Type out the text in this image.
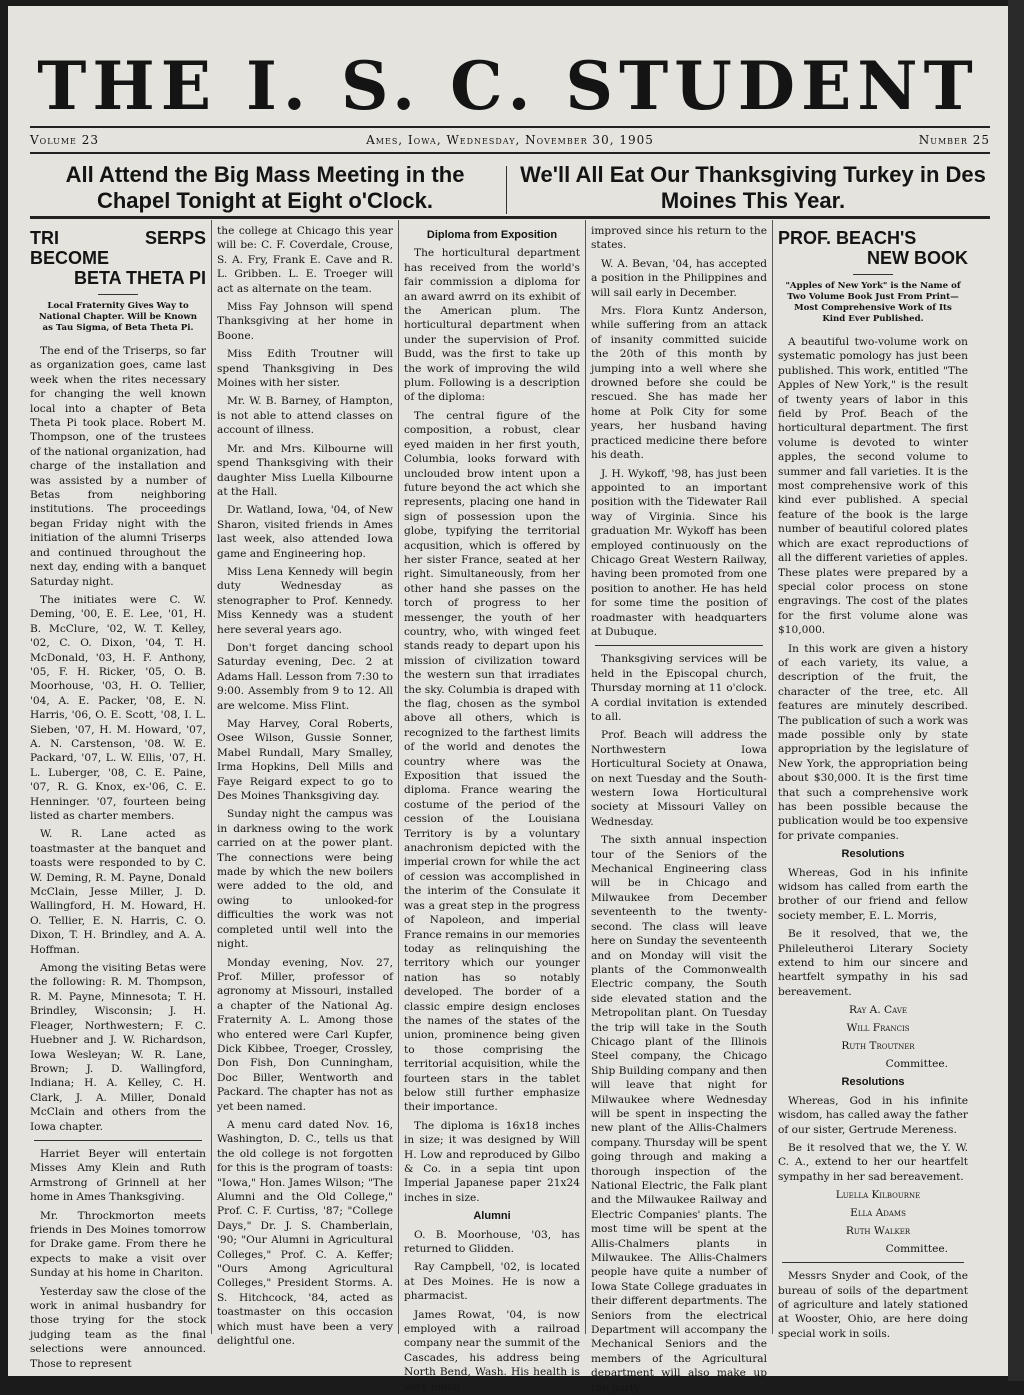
THE I. S. C. STUDENT
Volume 23	Ames, Iowa, Wednesday, November 30, 1905	Number 25
All Attend the Big Mass Meeting in the Chapel Tonight at Eight o'Clock.
We'll All Eat Our Thanksgiving Turkey in Des Moines This Year.
TRI SERPS BECOME
BETA THETA PI
Local Fraternity Gives Way to National Chapter. Will be Known as Tau Sigma, of Beta Theta Pi.

The end of the Triserps, so far as organization goes, came last week when the rites necessary for changing the well known local into a chapter of Beta Theta Pi took place. Robert M. Thompson, one of the trustees of the national organization, had charge of the installation and was assisted by a number of Betas from neighboring institutions. The proceedings began Friday night with the initiation of the alumni Triserps and continued throughout the next day, ending with a banquet Saturday night.

The initiates were C. W. Deming, '00, E. E. Lee, '01, H. B. McClure, '02, W. T. Kelley, '02, C. O. Dixon, '04, T. H. McDonald, '03, H. F. Anthony, '05, F. H. Ricker, '05, O. B. Moorhouse, '03, H. O. Tellier, '04, A. E. Packer, '08, E. N. Harris, '06, O. E. Scott, '08, I. L. Sieben, '07, H. M. Howard, '07, A. N. Carstenson, '08. W. E. Packard, '07, L. W. Ellis, '07, H. L. Luberger, '08, C. E. Paine, '07, R. G. Knox, ex-'06, C. E. Henninger. '07, fourteen being listed as charter members.

W. R. Lane acted as toastmaster at the banquet and toasts were responded to by C. W. Deming, R. M. Payne, Donald McClain, Jesse Miller, J. D. Wallingford, H. M. Howard, H. O. Tellier, E. N. Harris, C. O. Dixon, T. H. Brindley, and A. A. Hoffman.

Among the visiting Betas were the following: R. M. Thompson, R. M. Payne, Minnesota; T. H. Brindley, Wisconsin; J. H. Fleager, Northwestern; F. C. Huebner and J. W. Richardson, Iowa Wesleyan; W. R. Lane, Brown; J. D. Wallingford, Indiana; H. A. Kelley, C. H. Clark, J. A. Miller, Donald McClain and others from the Iowa chapter.

Harriet Beyer will entertain Misses Amy Klein and Ruth Armstrong of Grinnell at her home in Ames Thanksgiving.

Mr. Throckmorton meets friends in Des Moines tomorrow for Drake game. From there he expects to make a visit over Sunday at his home in Chariton.

Yesterday saw the close of the work in animal husbandry for those trying for the stock judging team as the final selections were announced. Those to represent

the college at Chicago this year will be: C. F. Coverdale, Crouse, S. A. Fry, Frank E. Cave and R. L. Gribben. L. E. Troeger will act as alternate on the team.

Miss Fay Johnson will spend Thanksgiving at her home in Boone.

Miss Edith Troutner will spend Thanksgiving in Des Moines with her sister.

Mr. W. B. Barney, of Hampton, is not able to attend classes on account of illness.

Mr. and Mrs. Kilbourne will spend Thanksgiving with their daughter Miss Luella Kilbourne at the Hall.

Dr. Watland, Iowa, '04, of New Sharon, visited friends in Ames last week, also attended Iowa game and Engineering hop.

Miss Lena Kennedy will begin duty Wednesday as stenographer to Prof. Kennedy. Miss Kennedy was a student here several years ago.

Don't forget dancing school Saturday evening, Dec. 2 at Adams Hall. Lesson from 7:30 to 9:00. Assembly from 9 to 12. All are welcome. Miss Flint.

May Harvey, Coral Roberts, Osee Wilson, Gussie Sonner, Mabel Rundall, Mary Smalley, Irma Hopkins, Dell Mills and Faye Reigard expect to go to Des Moines Thanksgiving day.

Sunday night the campus was in darkness owing to the work carried on at the power plant. The connections were being made by which the new boilers were added to the old, and owing to unlooked-for difficulties the work was not completed until well into the night.

Monday evening, Nov. 27, Prof. Miller, professor of agronomy at Missouri, installed a chapter of the National Ag. Fraternity A. L. Among those who entered were Carl Kupfer, Dick Kibbee, Troeger, Crossley, Don Fish, Don Cunningham, Doc Biller, Wentworth and Packard. The chapter has not as yet been named.

A menu card dated Nov. 16, Washington, D. C., tells us that the old college is not forgotten for this is the program of toasts: "Iowa," Hon. James Wilson; "The Alumni and the Old College," Prof. C. F. Curtiss, '87; "College Days," Dr. J. S. Chamberlain, '90; "Our Alumni in Agricultural Colleges," Prof. C. A. Keffer; "Ours Among Agricultural Colleges," President Storms. A. S. Hitchcock, '84, acted as toastmaster on this occasion which must have been a very delightful one.

Diploma from Exposition

The horticultural department has received from the world's fair commission a diploma for an award awrrd on its exhibit of the American plum. The horticultural department when under the supervision of Prof. Budd, was the first to take up the work of improving the wild plum. Following is a description of the diploma:

The central figure of the composition, a robust, clear eyed maiden in her first youth, Columbia, looks forward with unclouded brow intent upon a future beyond the act which she represents, placing one hand in sign of possession upon the globe, typifying the territorial acqusition, which is offered by her sister France, seated at her right. Simultaneously, from her other hand she passes on the torch of progress to her messenger, the youth of her country, who, with winged feet stands ready to depart upon his mission of civilization toward the western sun that irradiates the sky. Columbia is draped with the flag, chosen as the symbol above all others, which is recognized to the farthest limits of the world and denotes the country where was the Exposition that issued the diploma. France wearing the costume of the period of the cession of the Louisiana Territory is by a voluntary anachronism depicted with the imperial crown for while the act of cession was accomplished in the interim of the Consulate it was a great step in the progress of Napoleon, and imperial France remains in our memories today as relinquishing the territory which our younger nation has so notably developed. The border of a classic empire design encloses the names of the states of the union, prominence being given to those comprising the territorial acquisition, while the fourteen stars in the tablet below still further emphasize their importance.

The diploma is 16x18 inches in size; it was designed by Will H. Low and reproduced by Gilbo & Co. in a sepia tint upon Imperial Japanese paper 21x24 inches in size.

Alumni

O. B. Moorhouse, '03, has returned to Glidden.

Ray Campbell, '02, is located at Des Moines. He is now a pharmacist.

James Rowat, '04, is now employed with a railroad company near the summit of the Cascades, his address being North Bend, Wash. His health is very moch

improved since his return to the states.

W. A. Bevan, '04, has accepted a position in the Philippines and will sail early in December.

Mrs. Flora Kuntz Anderson, while suffering from an attack of insanity committed suicide the 20th of this month by jumping into a well where she drowned before she could be rescued. She has made her home at Polk City for some years, her husband having practiced medicine there before his death.

J. H. Wykoff, '98, has just been appointed to an important position with the Tidewater Rail way of Virginia. Since his graduation Mr. Wykoff has been employed continuously on the Chicago Great Western Railway, having been promoted from one position to another. He has held for some time the position of roadmaster with headquarters at Dubuque.

Thanksgiving services will be held in the Episcopal church, Thursday morning at 11 o'clock. A cordial invitation is extended to all.

Prof. Beach will address the Northwestern Iowa Horticultural Society at Onawa, on next Tuesday and the South-western Iowa Horticultural society at Missouri Valley on Wednesday.

The sixth annual inspection tour of the Seniors of the Mechanical Engineering class will be in Chicago and Milwaukee from December seventeenth to the twenty-second. The class will leave here on Sunday the seventeenth and on Monday will visit the plants of the Commonwealth Electric company, the South side elevated station and the Metropolitan plant. On Tuesday the trip will take in the South Chicago plant of the Illinois Steel company, the Chicago Ship Building company and then will leave that night for Milwaukee where Wednesday will be spent in inspecting the new plant of the Allis-Chalmers company. Thursday will be spent going through and making a thorough inspection of the National Electric, the Falk plant and the Milwaukee Railway and Electric Companies' plants. The most time will be spent at the Allis-Chalmers plants in Milwaukee. The Allis-Chalmers people have quite a number of Iowa State College graduates in their different departments. The Seniors from the electrical Department will accompany the Mechanical Seniors and the members of the Agricultural department will also make up the party.

PROF. BEACH'S
NEW BOOK
"Apples of New York" is the Name of Two Volume Book Just From Print—Most Comprehensive Work of Its Kind Ever Published.

A beautiful two-volume work on systematic pomology has just been published. This work, entitled "The Apples of New York," is the result of twenty years of labor in this field by Prof. Beach of the horticultural department. The first volume is devoted to winter apples, the second volume to summer and fall varieties. It is the most comprehensive work of this kind ever published. A special feature of the book is the large number of beautiful colored plates which are exact reproductions of all the different varieties of apples. These plates were prepared by a special color process on stone engravings. The cost of the plates for the first volume alone was $10,000.

In this work are given a history of each variety, its value, a description of the fruit, the character of the tree, etc. All features are minutely described. The publication of such a work was made possible only by state appropriation by the legislature of New York, the appropriation being about $30,000. It is the first time that such a comprehensive work has been possible because the publication would be too expensive for private companies.

Resolutions

Whereas, God in his infinite widsom has called from earth the brother of our friend and fellow society member, E. L. Morris,

Be it resolved, that we, the Phileleutheroi Literary Society extend to him our sincere and heartfelt sympathy in his sad bereavement.

Ray A. Cave

Will Francis

Ruth Troutner

Committee.

Resolutions

Whereas, God in his infinite wisdom, has called away the father of our sister, Gertrude Mereness.

Be it resolved that we, the Y. W. C. A., extend to her our heartfelt sympathy in her sad bereavement.

Luella Kilbourne

Ella Adams

Ruth Walker

Committee.

Messrs Snyder and Cook, of the bureau of soils of the department of agriculture and lately stationed at Wooster, Ohio, are here doing special work in soils.
